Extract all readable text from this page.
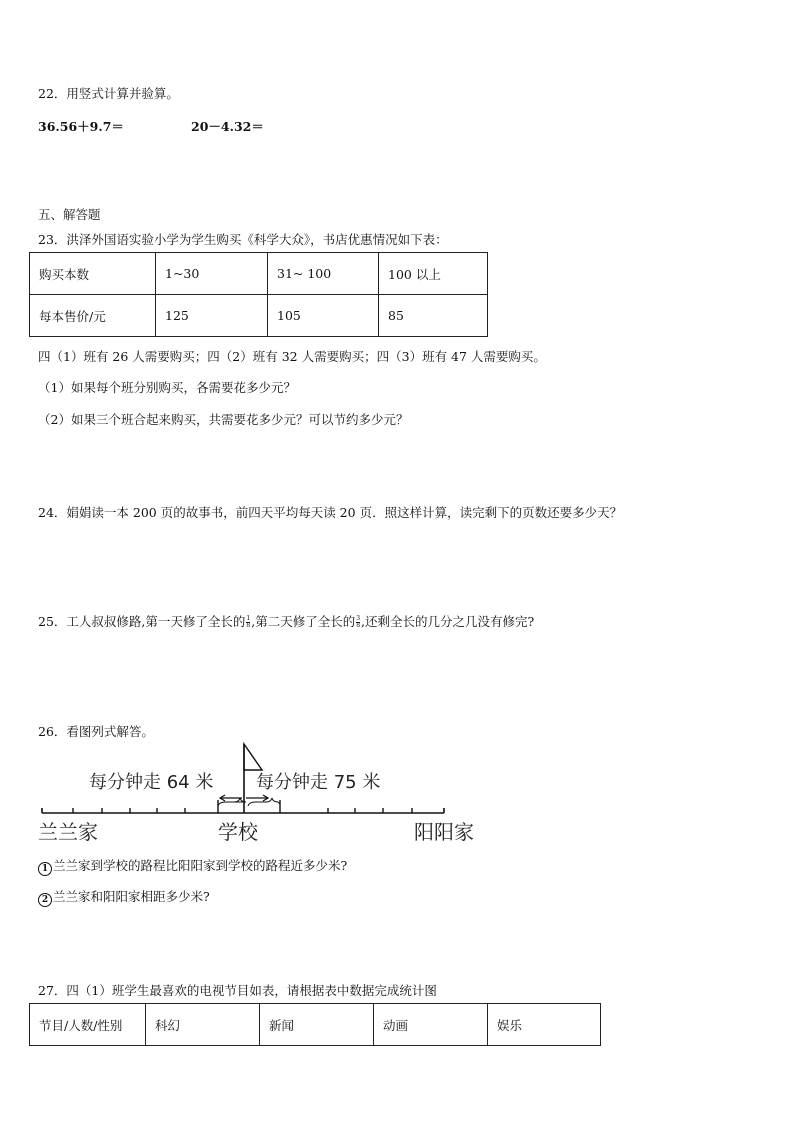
22．用竖式计算并验算。
36.56＋9.7＝	20－4.32＝
五、解答题
23．洪泽外国语实验小学为学生购买《科学大众》，书店优惠情况如下表：
购买本数	1~30	31~ 100	100 以上
每本售价/元	125	105	85
四（1）班有 26 人需要购买；四（2）班有 32 人需要购买；四（3）班有 47 人需要购买。
（1）如果每个班分别购买，各需要花多少元？
（2）如果三个班合起来购买，共需要花多少元？可以节约多少元？
24．娟娟读一本 200 页的故事书，前四天平均每天读 20 页．照这样计算，读完剩下的页数还要多少天？
25．工人叔叔修路,第一天修了全长的 $\frac{1}{8}$ ,第二天修了全长的 $\frac{3}{8}$ ,还剩全长的几分之几没有修完?
26．看图列式解答。
每分钟走 64 米 每分钟走 75 米
兰兰家	学校	阳阳家
1 兰兰家到学校的路程比阳阳家到学校的路程近多少米?
2 兰兰家和阳阳家相距多少米?
27．四（1）班学生最喜欢的电视节目如表，请根据表中数据完成统计图
节目/人数/性别	科幻	新闻	动画	娱乐
